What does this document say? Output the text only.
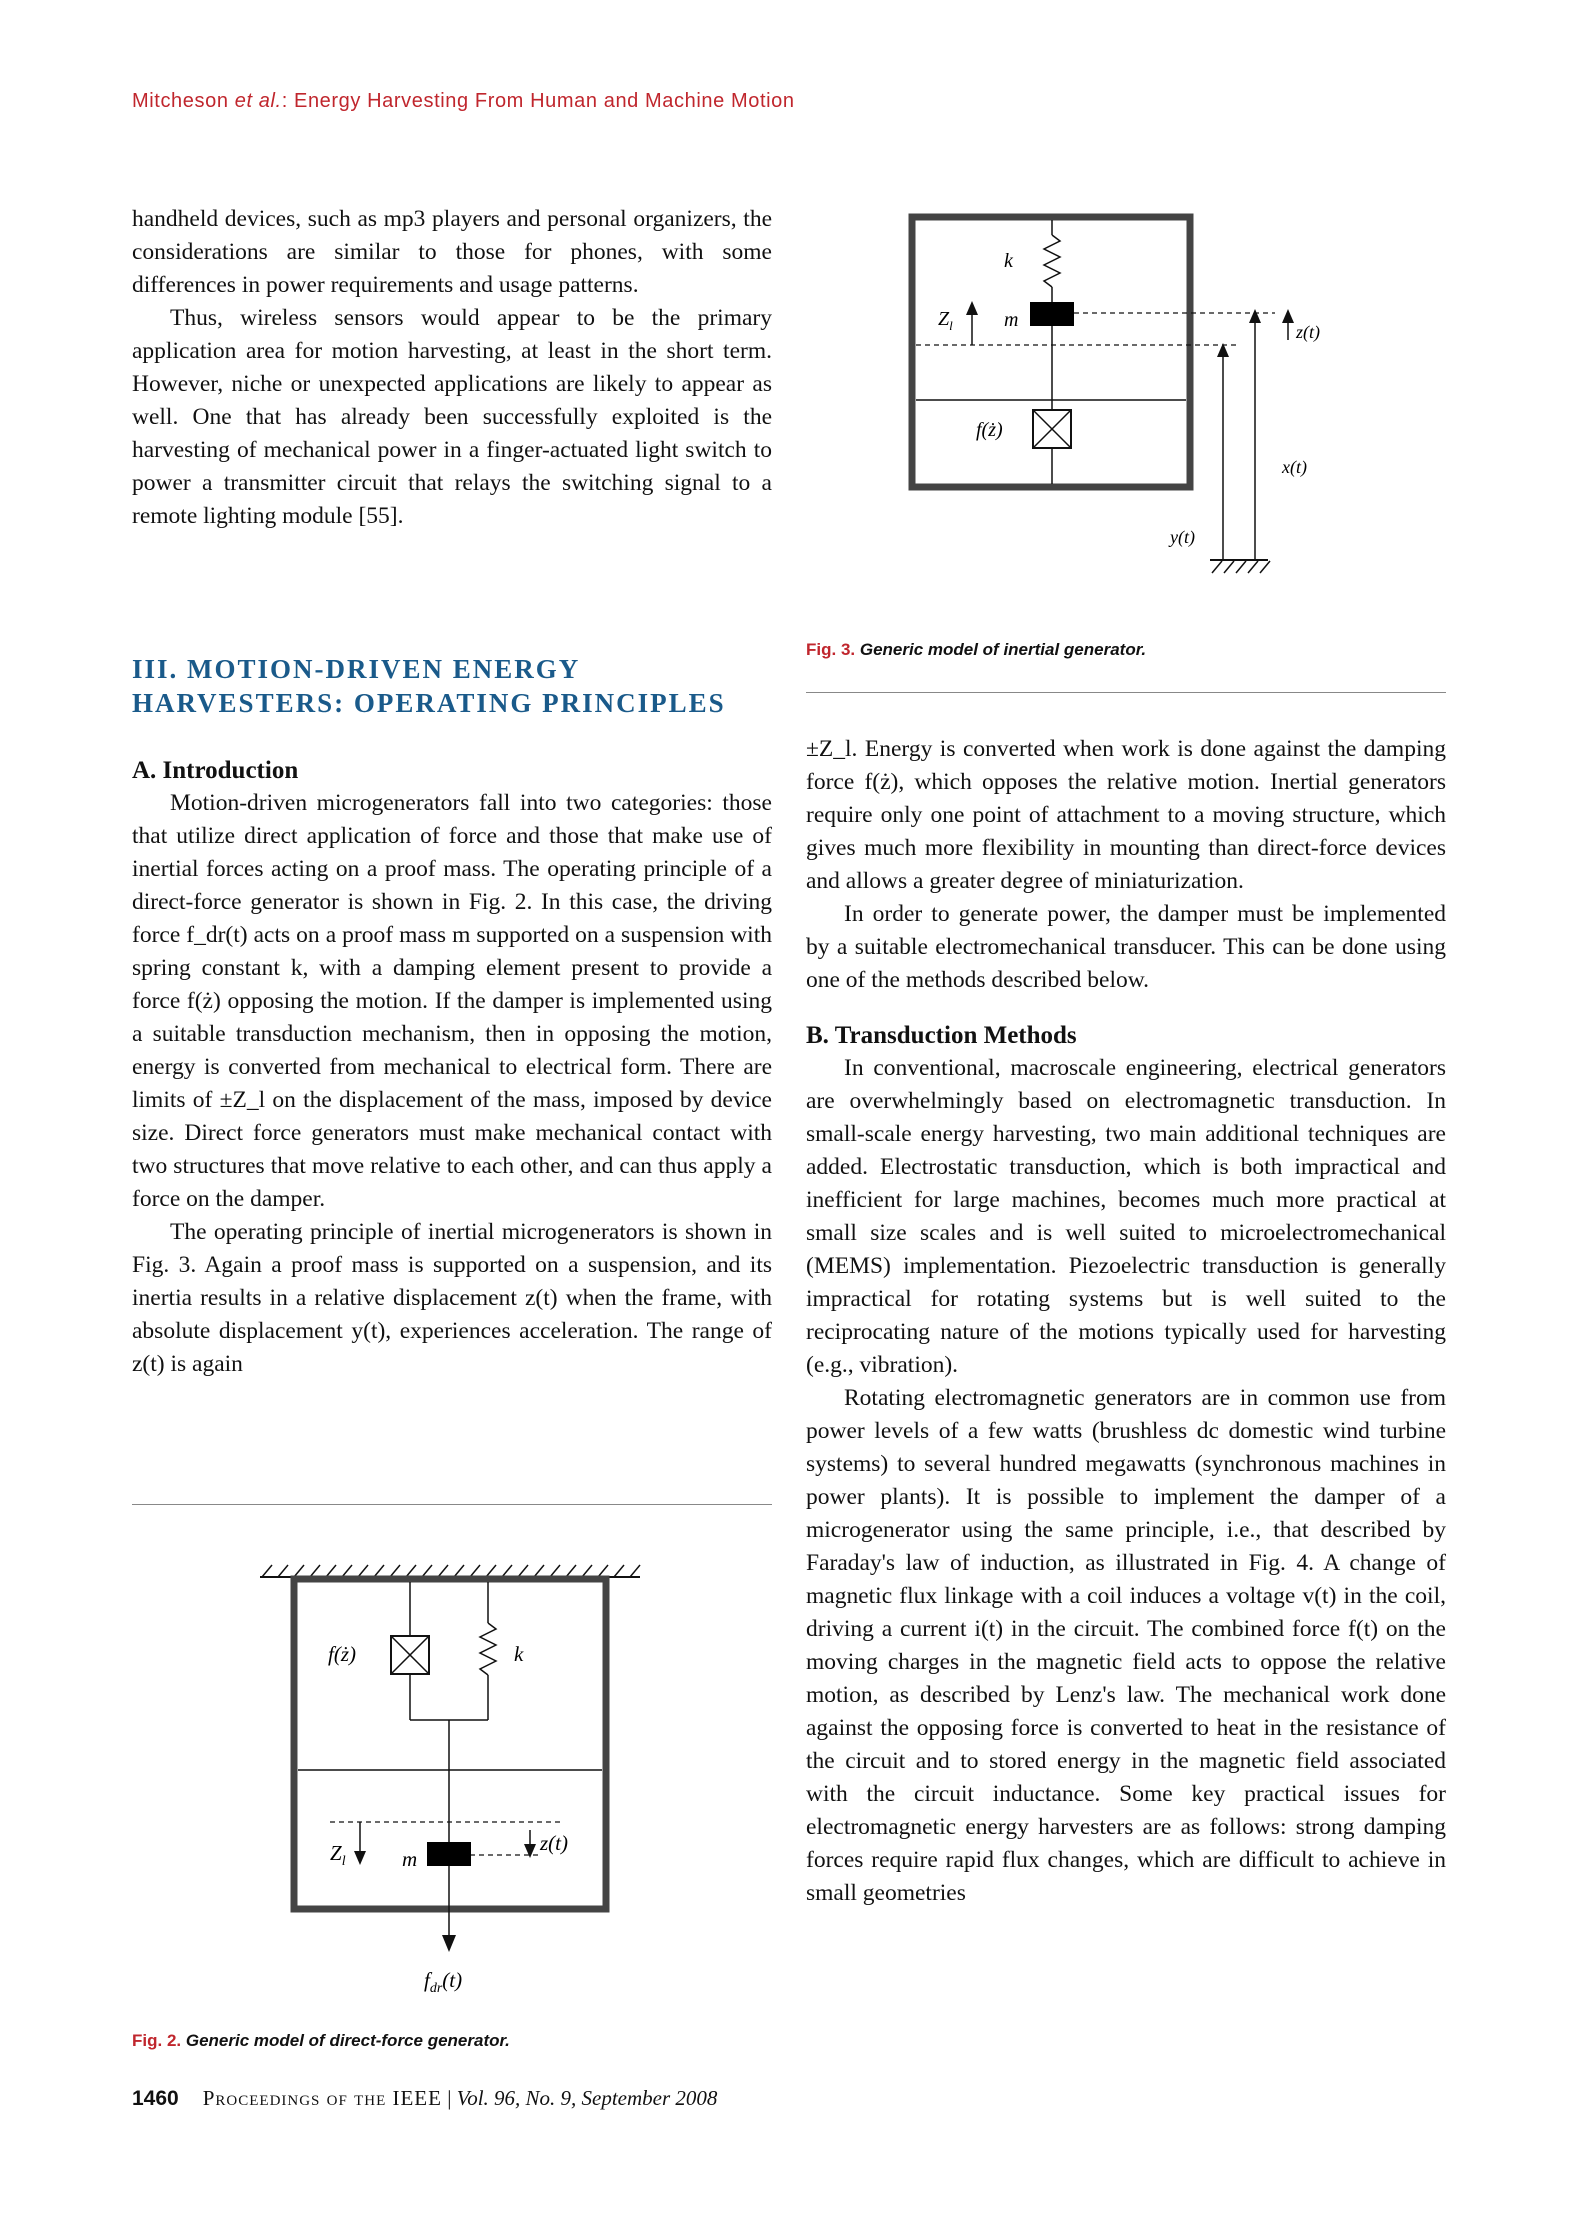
Mitcheson et al.: Energy Harvesting From Human and Machine Motion

handheld devices, such as mp3 players and personal organizers, the considerations are similar to those for phones, with some differences in power requirements and usage patterns.

Thus, wireless sensors would appear to be the primary application area for motion harvesting, at least in the short term. However, niche or unexpected applications are likely to appear as well. One that has already been successfully exploited is the harvesting of mechanical power in a finger-actuated light switch to power a transmitter circuit that relays the switching signal to a remote lighting module [55].

III. MOTION-DRIVEN ENERGY HARVESTERS: OPERATING PRINCIPLES

A. Introduction

Motion-driven microgenerators fall into two categories: those that utilize direct application of force and those that make use of inertial forces acting on a proof mass. The operating principle of a direct-force generator is shown in Fig. 2. In this case, the driving force f_dr(t) acts on a proof mass m supported on a suspension with spring constant k, with a damping element present to provide a force f(ż) opposing the motion. If the damper is implemented using a suitable transduction mechanism, then in opposing the motion, energy is converted from mechanical to electrical form. There are limits of ±Z_l on the displacement of the mass, imposed by device size. Direct force generators must make mechanical contact with two structures that move relative to each other, and can thus apply a force on the damper.

The operating principle of inertial microgenerators is shown in Fig. 3. Again a proof mass is supported on a suspension, and its inertia results in a relative displacement z(t) when the frame, with absolute displacement y(t), experiences acceleration. The range of z(t) is again

f(ż)	k
$Z_l$	m
z(t)
$f_{dr}(t)$
Fig. 2. Generic model of direct-force generator.
k
m
$Z_l$
f(ż)
z(t)
x(t)
y(t)
Fig. 3. Generic model of inertial generator.

±Z_l. Energy is converted when work is done against the damping force f(ż), which opposes the relative motion. Inertial generators require only one point of attachment to a moving structure, which gives much more flexibility in mounting than direct-force devices and allows a greater degree of miniaturization.

In order to generate power, the damper must be implemented by a suitable electromechanical transducer. This can be done using one of the methods described below.

B. Transduction Methods

In conventional, macroscale engineering, electrical generators are overwhelmingly based on electromagnetic transduction. In small-scale energy harvesting, two main additional techniques are added. Electrostatic transduction, which is both impractical and inefficient for large machines, becomes much more practical at small size scales and is well suited to microelectromechanical (MEMS) implementation. Piezoelectric transduction is generally impractical for rotating systems but is well suited to the reciprocating nature of the motions typically used for harvesting (e.g., vibration).

Rotating electromagnetic generators are in common use from power levels of a few watts (brushless dc domestic wind turbine systems) to several hundred megawatts (synchronous machines in power plants). It is possible to implement the damper of a microgenerator using the same principle, i.e., that described by Faraday's law of induction, as illustrated in Fig. 4. A change of magnetic flux linkage with a coil induces a voltage v(t) in the coil, driving a current i(t) in the circuit. The combined force f(t) on the moving charges in the magnetic field acts to oppose the relative motion, as described by Lenz's law. The mechanical work done against the opposing force is converted to heat in the resistance of the circuit and to stored energy in the magnetic field associated with the circuit inductance. Some key practical issues for electromagnetic energy harvesters are as follows: strong damping forces require rapid flux changes, which are difficult to achieve in small geometries

1460 Proceedings of the IEEE | Vol. 96, No. 9, September 2008
